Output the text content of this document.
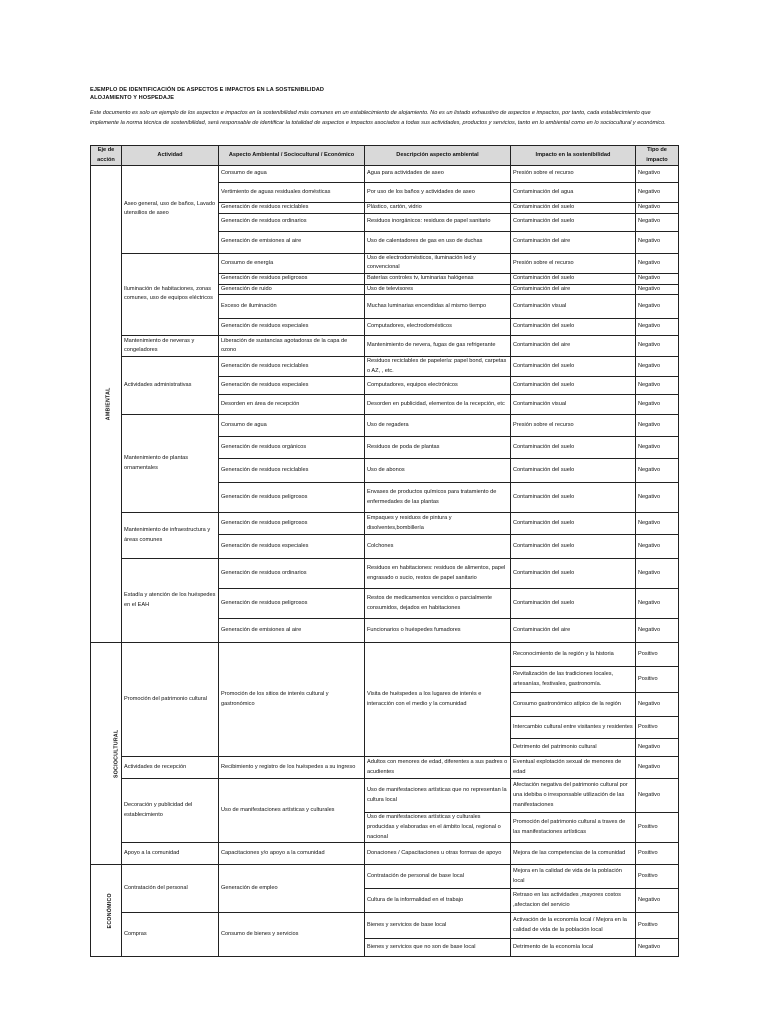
EJEMPLO DE IDENTIFICACIÓN DE ASPECTOS E IMPACTOS EN LA SOSTENIBILIDAD
ALOJAMIENTO Y HOSPEDAJE
Este documento es solo un ejemplo de los aspectos e impactos en la sostenibilidad más comunes en un establecimiento de alojamiento. No es un listado exhaustivo de aspectos e impactos, por tanto, cada establecimiento que implemente la norma técnica de sostenibilidad, será responsable de identificar la totalidad de aspectos e impactos asociados a todas sus actividades, productos y servicios, tanto en lo ambiental como en lo sociocultural y económico.
Eje de acción	Actividad	Aspecto Ambiental / Sociocultural / Económico	Descripción aspecto ambiental	Impacto en la sostenibilidad	Tipo de impacto
AMBIENTAL	Aseo general, uso de baños, Lavado utensilios de aseo	Consumo de agua	Agua para actividades de aseo	Presión sobre el recurso	Negativo
		Vertimiento de aguas residuales domésticas	Por uso de los baños y actividades de aseo	Contaminación del agua	Negativo
		Generación de residuos reciclables	Plástico, cartón, vidrio	Contaminación del suelo	Negativo
		Generación de residuos ordinarios	Residuos inorgánicos: residuos de papel sanitario	Contaminación del suelo	Negativo
		Generación de emisiones al aire	Uso de calentadores de gas en uso de duchas	Contaminación del aire	Negativo
	Iluminación de habitaciones, zonas comunes, uso de equipos eléctricos	Consumo de energía	Uso de electrodomésticos, iluminación led y convencional	Presión sobre el recurso	Negativo
		Generación de residuos peligrosos	Baterías controles tv, luminarias halógenas	Contaminación del suelo	Negativo
		Generación de ruido	Uso de televisores	Contaminación del aire	Negativo
		Exceso de iluminación	Muchas luminarias encendidas al mismo tiempo	Contaminación visual	Negativo
		Generación de residuos especiales	Computadores, electrodomésticos	Contaminación del suelo	Negativo
	Mantenimiento de neveras y congeladores	Liberación de sustancias agotadoras de la capa de ozono	Mantenimiento de nevera, fugas de gas refrigerante	Contaminación del aire	Negativo
	Actividades administrativas	Generación de residuos reciclables	Residuos reciclables de papelería: papel bond, carpetas o AZ, , etc.	Contaminación del suelo	Negativo
		Generación de residuos especiales	Computadores, equipos electrónicos	Contaminación del suelo	Negativo
		Desorden en área de recepción	Desorden en publicidad, elementos de la recepción, etc	Contaminación visual	Negativo
	Mantenimiento de plantas ornamentales	Consumo de agua	Uso de regadera	Presión sobre el recurso	Negativo
		Generación de residuos orgánicos	Residuos de poda de plantas	Contaminación del suelo	Negativo
		Generación de residuos reciclables	Uso de abonos	Contaminación del suelo	Negativo
		Generación de residuos peligrosos	Envases de productos químicos para tratamiento de enfermedades de las plantas	Contaminación del suelo	Negativo
	Mantenimiento de infraestructura y áreas comunes	Generación de residuos peligrosos	Empaques y residuos de pintura y disolventes,bombillería	Contaminación del suelo	Negativo
		Generación de residuos especiales	Colchones	Contaminación del suelo	Negativo
	Estadía y atención de los huéspedes en el EAH	Generación de residuos ordinarios	Residuos en habitaciones: residuos de alimentos, papel engrasado o sucio, restos de papel sanitario	Contaminación del suelo	Negativo
		Generación de residuos peligrosos	Restos de medicamentos vencidos o parcialmente consumidos, dejados en habitaciones	Contaminación del suelo	Negativo
		Generación de emisiones al aire	Funcionarios o huéspedes fumadores	Contaminación del aire	Negativo
SOCIOCULTURAL	Promoción del patrimonio cultural	Promoción de los sitios de interés cultural y gastronómico	Visita de huéspedes a los lugares de interés e interacción con el medio y la comunidad	Reconocimiento de la región y la historia	Positivo
				Revitalización de las tradiciones locales, artesanías, festivales, gastronomía.	Positivo
				Consumo gastronómico atípico de la región	Negativo
				Intercambio cultural entre visitantes y residentes	Positivo
				Detrimento del patrimonio cultural	Negativo
	Actividades de recepción	Recibimiento y registro de los huéspedes a su ingreso	Adultos con menores de edad, diferentes a sus padres o acudientes	Eventual explotación sexual de menores de edad	Negativo
	Decoración y publicidad del establecimiento	Uso de manifestaciones artísticas y culturales	Uso de manifestaciones artísticas que no representan la cultura local	Afectación negativa del patrimonio cultural por una idebiba o irresponsable utilización de las manifestaciones	Negativo
			Uso de manifestaciones artísticas y culturales producidas y elaboradas en el ámbito local, regional o nacional	Promoción del patrimonio cultural a traves de las manifestaciones artísticas	Positivo
	Apoyo a la comunidad	Capacitaciones y/o apoyo a la comunidad	Donaciones / Capacitaciones u otras formas de apoyo	Mejora de las competencias de la comunidad	Positivo
ECONÓMICO	Contratación del personal	Generación de empleo	Contratación de personal de base local	Mejora en la calidad de vida de la población local	Positivo
			Cultura de la informalidad en el trabajo	Retraso en las actividades ,mayores costos ,afectacion del servicio	Negativo
	Compras	Consumo de bienes y servicios	Bienes y servicios de base local	Activación de la economía local / Mejora en la calidad de vida de la población local	Positivo
			Bienes y servicios que no son de base local	Detrimento de la economía local	Negativo
